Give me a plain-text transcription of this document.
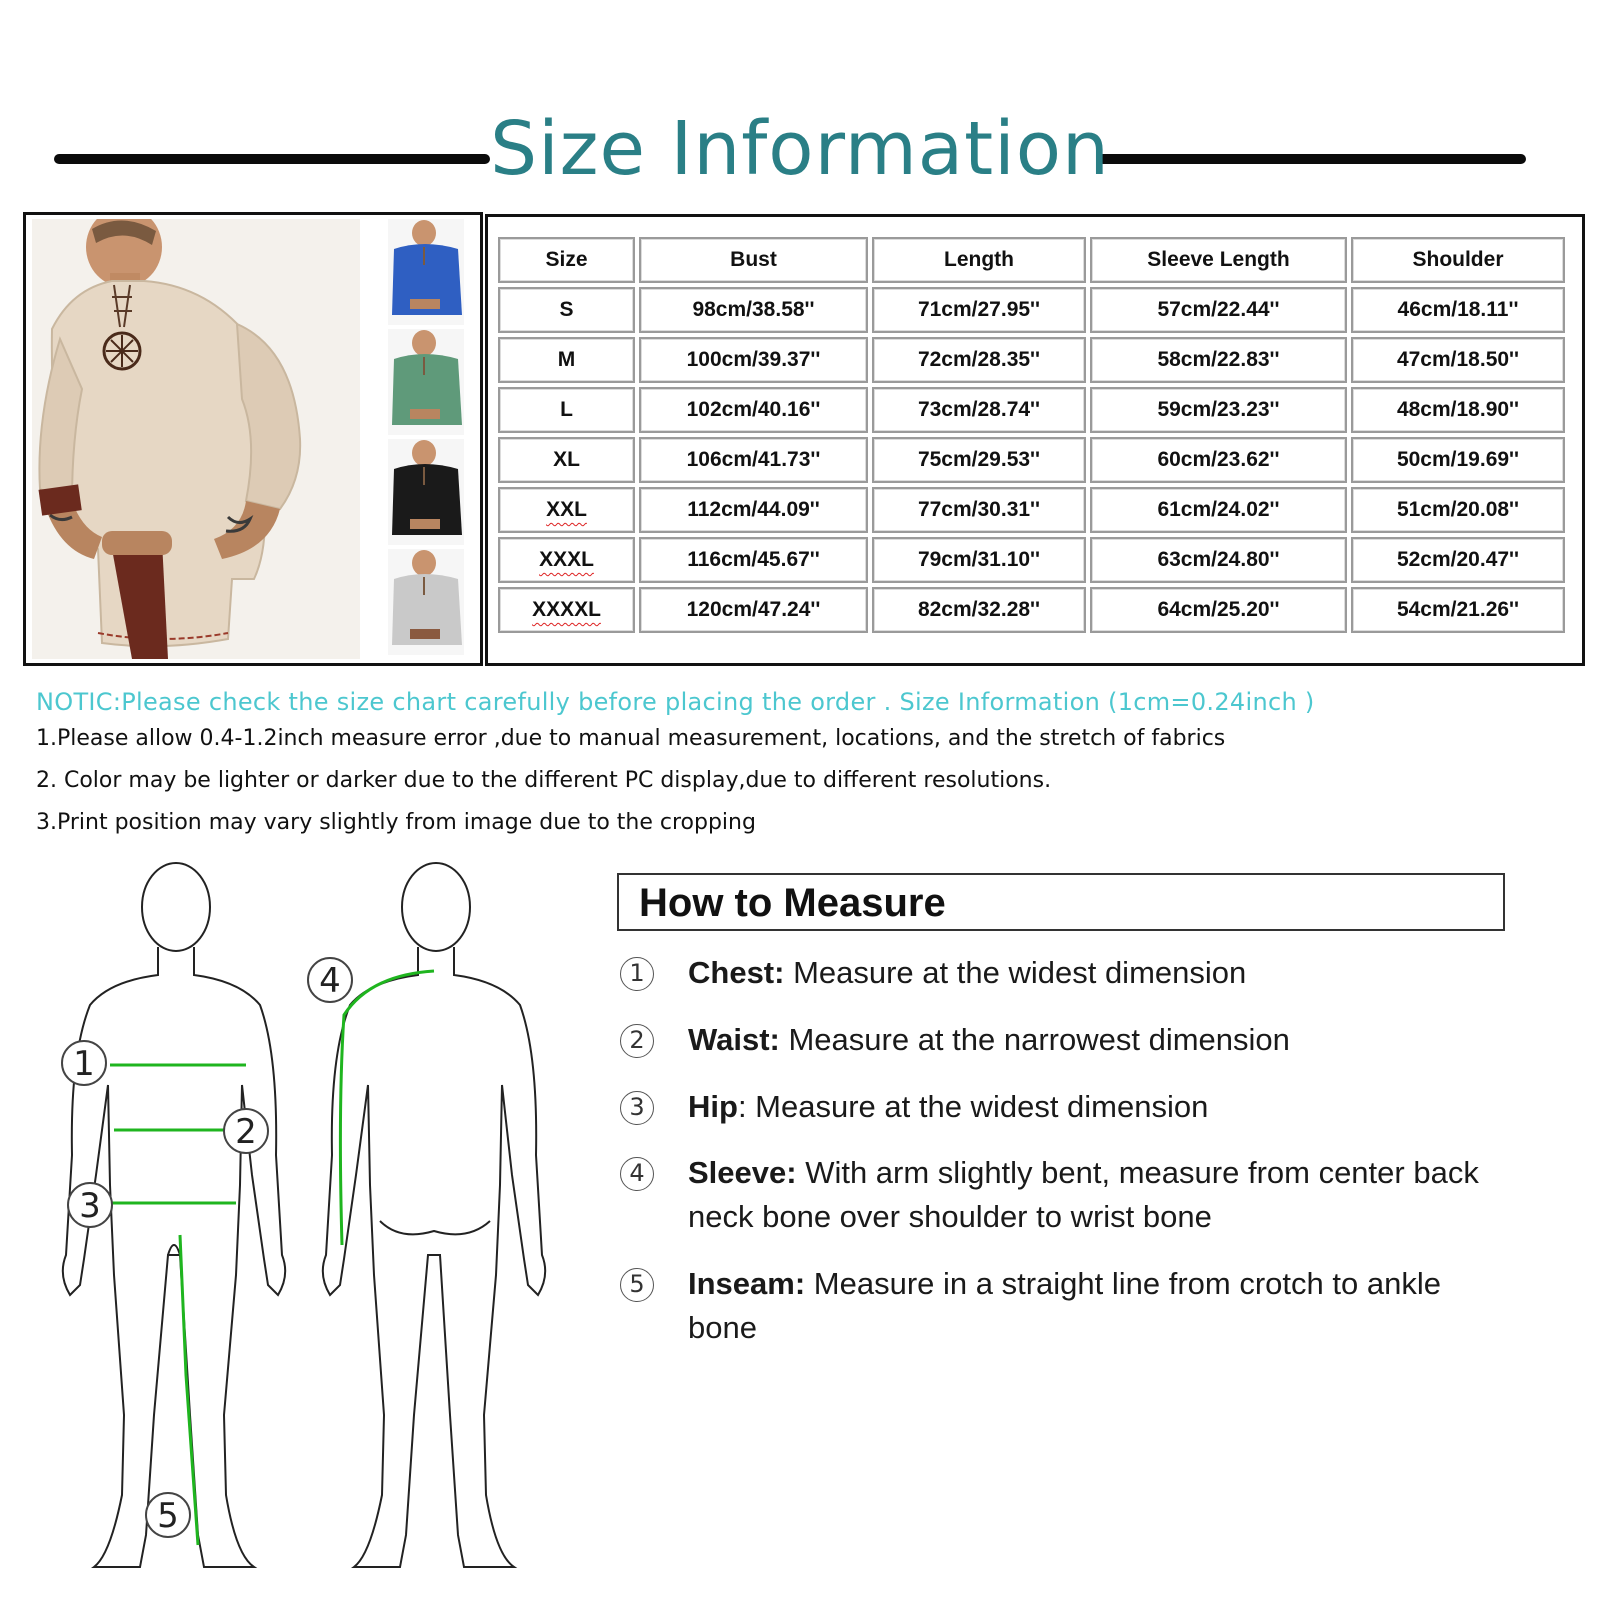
Size Information
Size	Bust	Length	Sleeve Length	Shoulder
S	98cm/38.58''	71cm/27.95''	57cm/22.44''	46cm/18.11''
M	100cm/39.37''	72cm/28.35''	58cm/22.83''	47cm/18.50''
L	102cm/40.16''	73cm/28.74''	59cm/23.23''	48cm/18.90''
XL	106cm/41.73''	75cm/29.53''	60cm/23.62''	50cm/19.69''
XXL	112cm/44.09''	77cm/30.31''	61cm/24.02''	51cm/20.08''
XXXL	116cm/45.67''	79cm/31.10''	63cm/24.80''	52cm/20.47''
XXXXL	120cm/47.24''	82cm/32.28''	64cm/25.20''	54cm/21.26''
NOTIC:Please check the size chart carefully before placing the order . Size Information (1cm=0.24inch )
1.Please allow 0.4-1.2inch measure error ,due to manual measurement, locations, and the stretch of fabrics
2. Color may be lighter or darker due to the different PC display,due to different resolutions.
3.Print position may vary slightly from image due to the cropping
1
2
3
4
5
How to Measure
1	Chest: Measure at the widest dimension
2	Waist: Measure at the narrowest dimension
3	Hip: Measure at the widest dimension
4	Sleeve: With arm slightly bent, measure from center back neck bone over shoulder to wrist bone
5	Inseam: Measure in a straight line from crotch to ankle bone
